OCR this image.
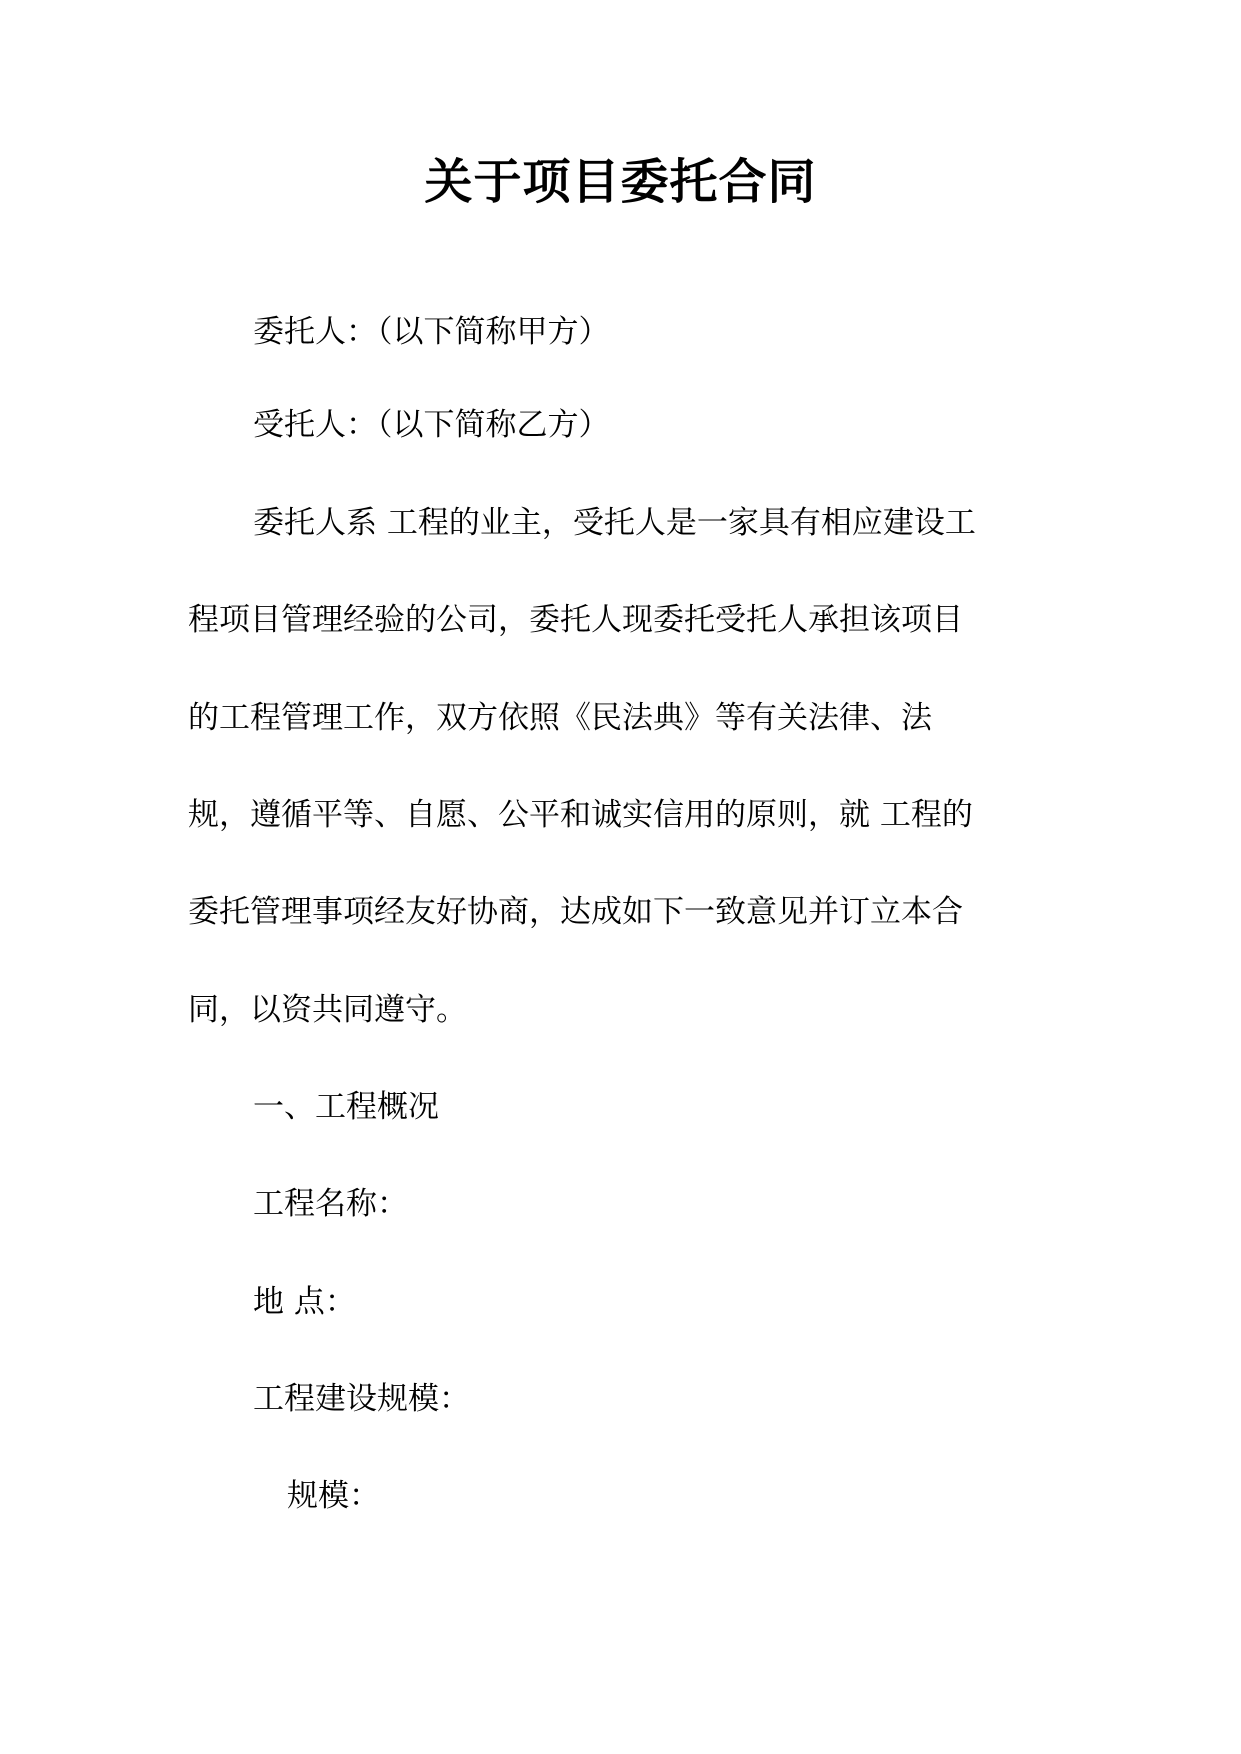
关于项目委托合同

委托人：（以下简称甲方）

受托人：（以下简称乙方）

委托人系 工程的业主，受托人是一家具有相应建设工

程项目管理经验的公司，委托人现委托受托人承担该项目

的工程管理工作，双方依照《民法典》等有关法律、法

规，遵循平等、自愿、公平和诚实信用的原则，就 工程的

委托管理事项经友好协商，达成如下一致意见并订立本合

同，以资共同遵守。

一、工程概况

工程名称：

地 点：

工程建设规模：

规模：
